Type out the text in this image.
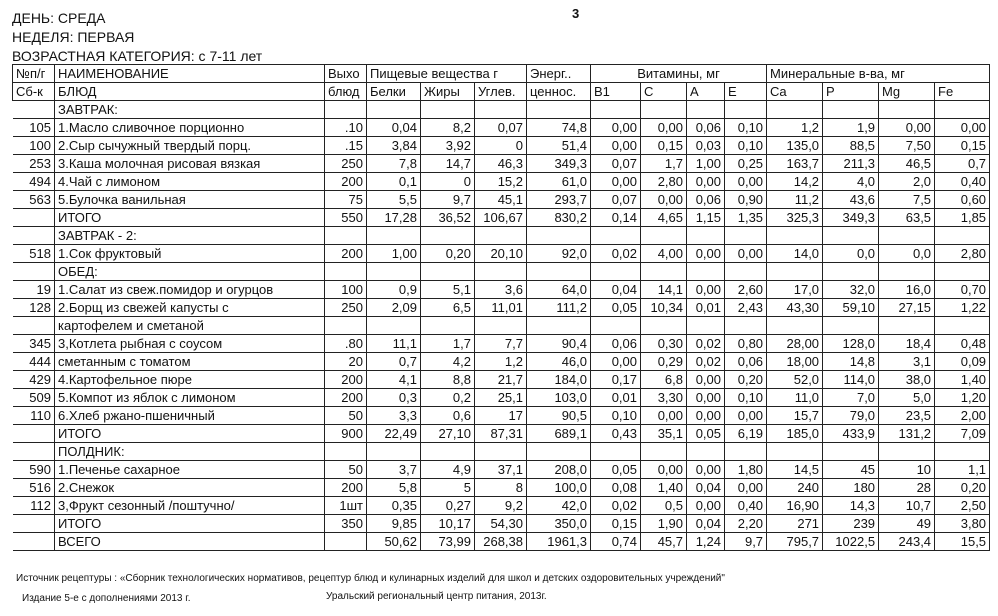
ДЕНЬ: СРЕДА
НЕДЕЛЯ: ПЕРВАЯ
ВОЗРАСТНАЯ КАТЕГОРИЯ: с 7-11 лет
3
№п/г	НАИМЕНОВАНИЕ	Выхо	Пищевые вещества г			Энерг..	Витамины, мг				Минеральные в-ва, мг			
Сб-к	БЛЮД	блюд	Белки	Жиры	Углев.	ценнос.	B1	C	A	E	Ca	P	Mg	Fe
	ЗАВТРАК:													
105	1.Масло сливочное порционно	.10	0,04	8,2	0,07	74,8	0,00	0,00	0,06	0,10	1,2	1,9	0,00	0,00
100	2.Сыр сычужный твердый порц.	.15	3,84	3,92	0	51,4	0,00	0,15	0,03	0,10	135,0	88,5	7,50	0,15
253	3.Каша молочная рисовая вязкая	250	7,8	14,7	46,3	349,3	0,07	1,7	1,00	0,25	163,7	211,3	46,5	0,7
494	4.Чай с лимоном	200	0,1	0	15,2	61,0	0,00	2,80	0,00	0,00	14,2	4,0	2,0	0,40
563	5.Булочка ванильная	75	5,5	9,7	45,1	293,7	0,07	0,00	0,06	0,90	11,2	43,6	7,5	0,60
	ИТОГО	550	17,28	36,52	106,67	830,2	0,14	4,65	1,15	1,35	325,3	349,3	63,5	1,85
	ЗАВТРАК - 2:													
518	1.Сок фруктовый	200	1,00	0,20	20,10	92,0	0,02	4,00	0,00	0,00	14,0	0,0	0,0	2,80
	ОБЕД:													
19	1.Салат из свеж.помидор и огурцов	100	0,9	5,1	3,6	64,0	0,04	14,1	0,00	2,60	17,0	32,0	16,0	0,70
128	2.Борщ из свежей капусты с	250	2,09	6,5	11,01	111,2	0,05	10,34	0,01	2,43	43,30	59,10	27,15	1,22
	картофелем и сметаной													
345	3,Котлета рыбная с соусом	.80	11,1	1,7	7,7	90,4	0,06	0,30	0,02	0,80	28,00	128,0	18,4	0,48
444	сметанным с томатом	20	0,7	4,2	1,2	46,0	0,00	0,29	0,02	0,06	18,00	14,8	3,1	0,09
429	4.Картофельное пюре	200	4,1	8,8	21,7	184,0	0,17	6,8	0,00	0,20	52,0	114,0	38,0	1,40
509	5.Компот из яблок с лимоном	200	0,3	0,2	25,1	103,0	0,01	3,30	0,00	0,10	11,0	7,0	5,0	1,20
110	6.Хлеб ржано-пшеничный	50	3,3	0,6	17	90,5	0,10	0,00	0,00	0,00	15,7	79,0	23,5	2,00
	ИТОГО	900	22,49	27,10	87,31	689,1	0,43	35,1	0,05	6,19	185,0	433,9	131,2	7,09
	ПОЛДНИК:													
590	1.Печенье сахарное	50	3,7	4,9	37,1	208,0	0,05	0,00	0,00	1,80	14,5	45	10	1,1
516	2.Снежок	200	5,8	5	8	100,0	0,08	1,40	0,04	0,00	240	180	28	0,20
112	3,Фрукт сезонный /поштучно/	1шт	0,35	0,27	9,2	42,0	0,02	0,5	0,00	0,40	16,90	14,3	10,7	2,50
	ИТОГО	350	9,85	10,17	54,30	350,0	0,15	1,90	0,04	2,20	271	239	49	3,80
	ВСЕГО		50,62	73,99	268,38	1961,3	0,74	45,7	1,24	9,7	795,7	1022,5	243,4	15,5
Источник рецептуры : «Сборник технологических нормативов, рецептур блюд и кулинарных изделий для школ и детских оздоровительных учреждений"
Издание 5-е с дополнениями 2013 г.	Уральский региональный центр питания, 2013г.
